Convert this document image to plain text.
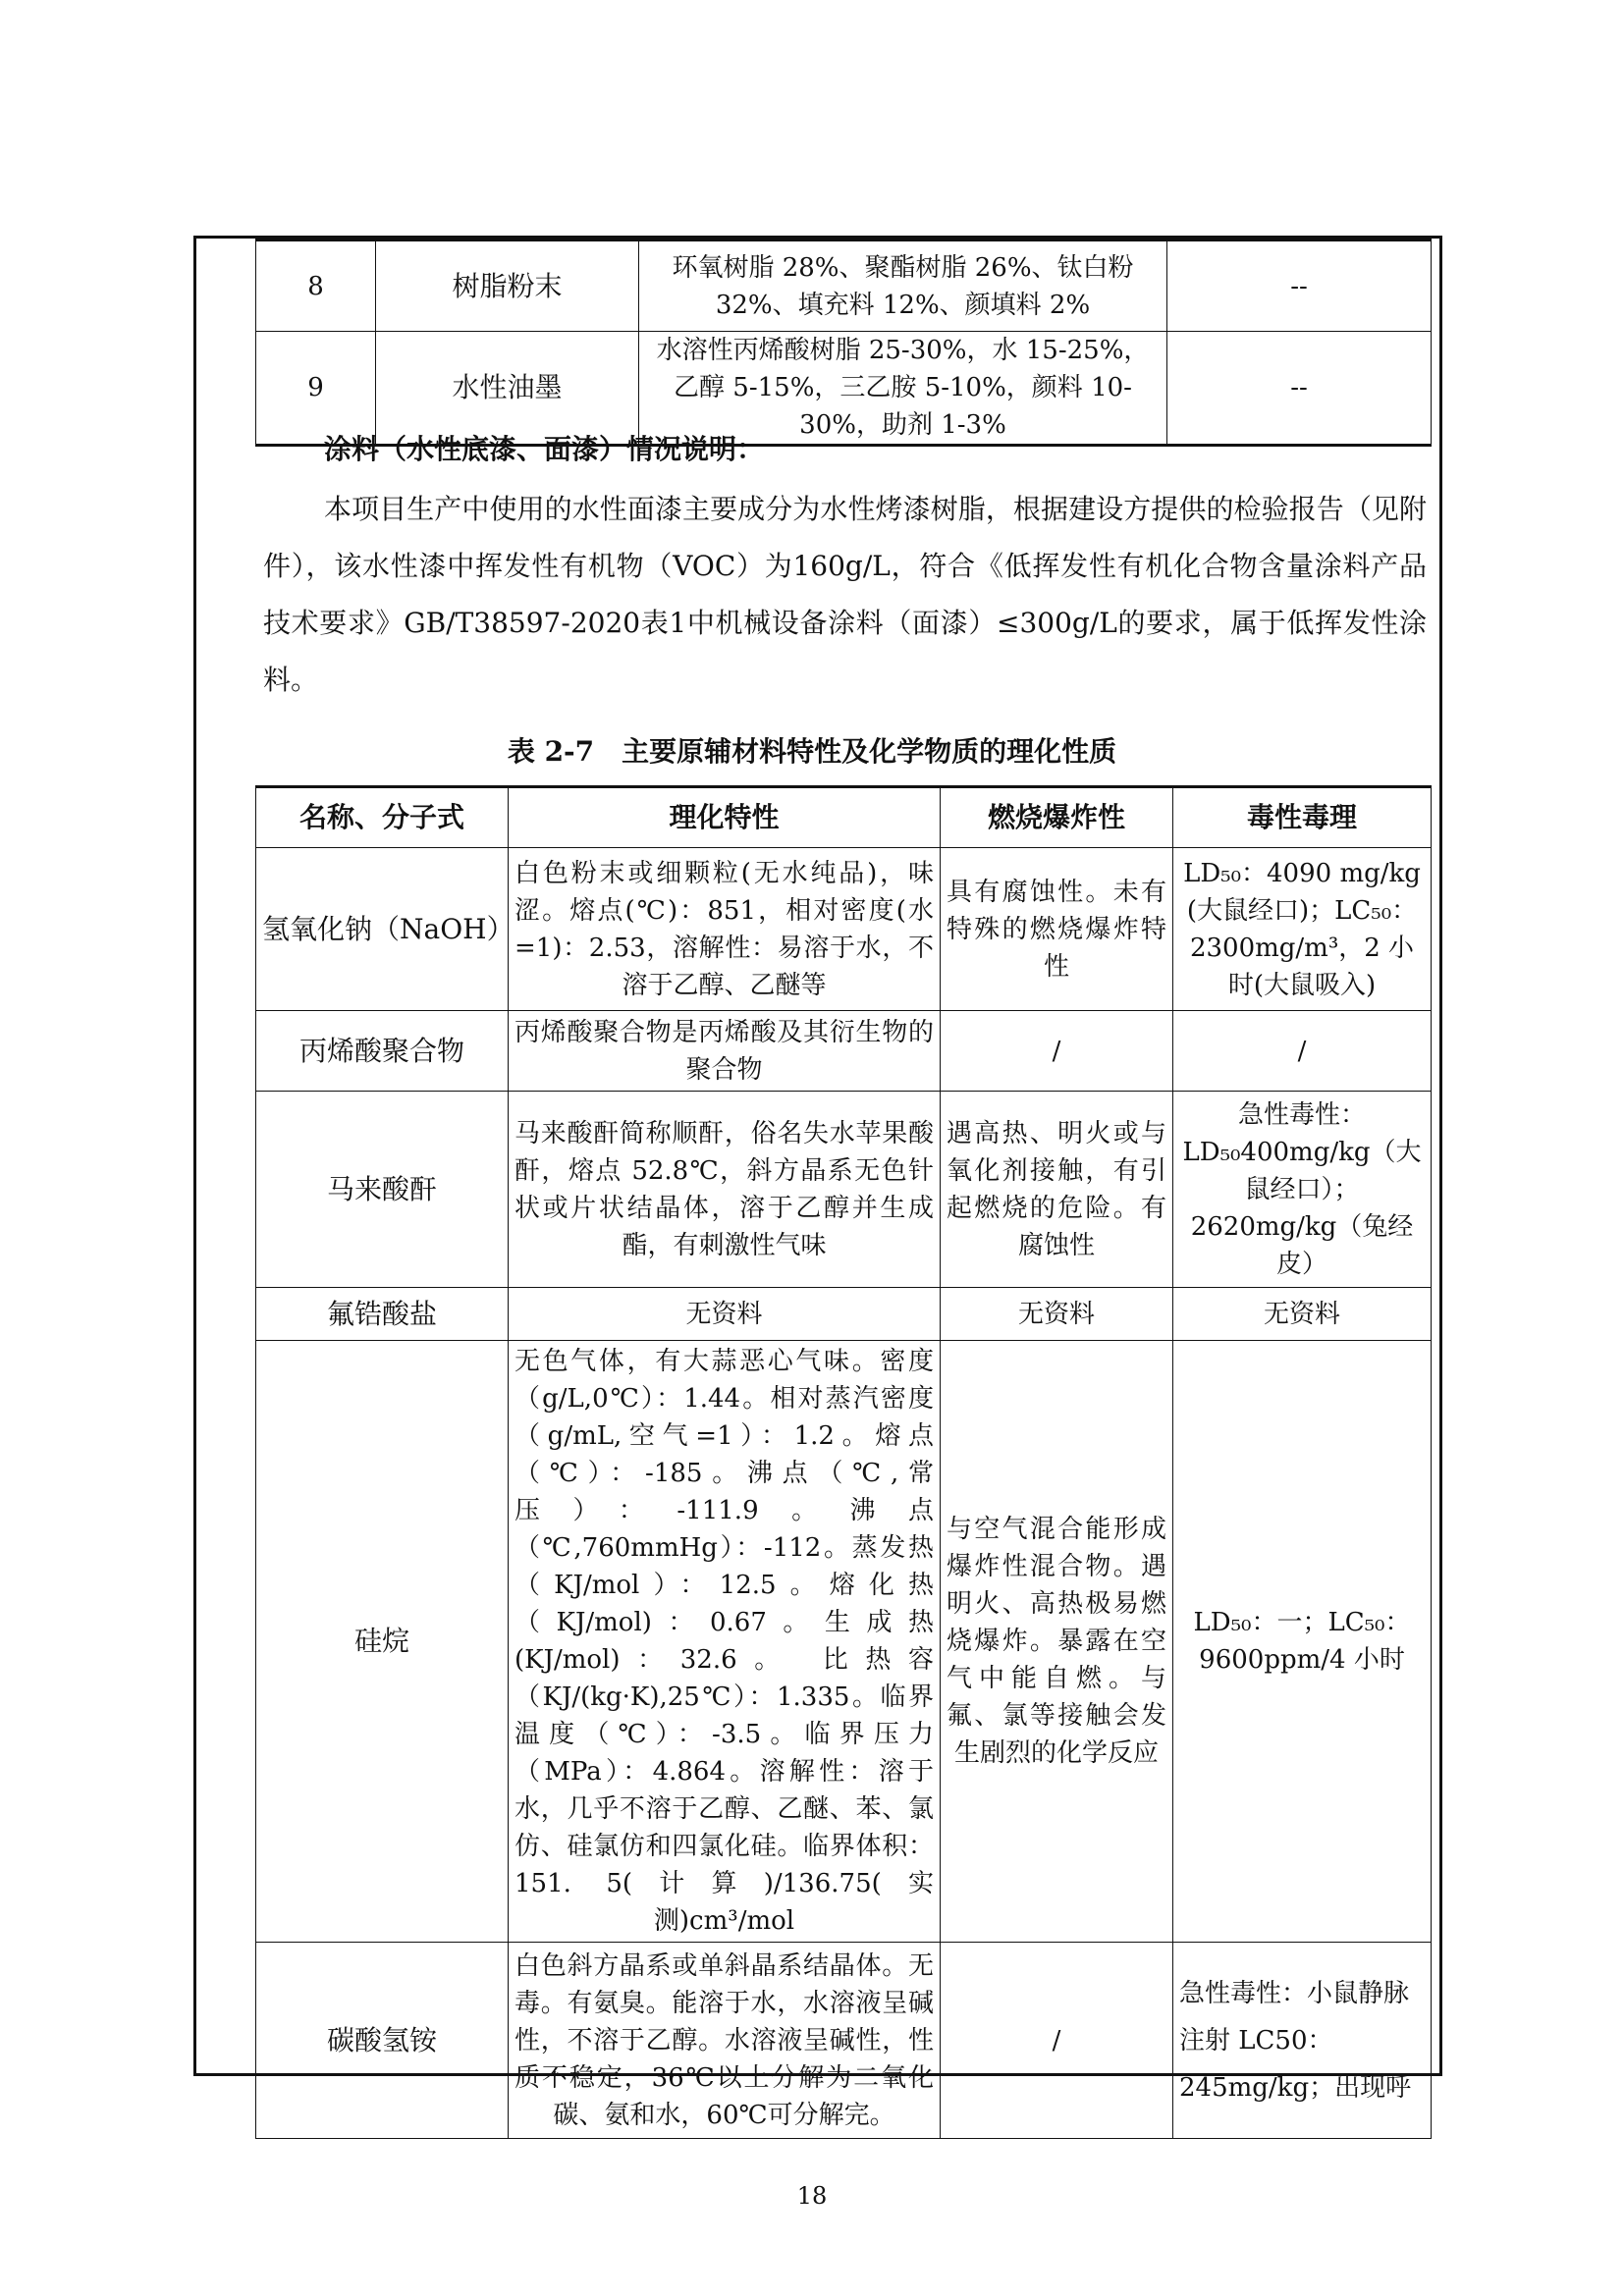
8	树脂粉末	环氧树脂 28%、聚酯树脂 26%、钛白粉 32%、填充料 12%、颜填料 2%	--
9	水性油墨	水溶性丙烯酸树脂 25-30%，水 15-25%，乙醇 5-15%，三乙胺 5-10%，颜料 10-30%，助剂 1-3%	--
涂料（水性底漆、面漆）情况说明：
本项目生产中使用的水性面漆主要成分为水性烤漆树脂，根据建设方提供的检验报告（见附件），该水性漆中挥发性有机物（VOC）为160g/L，符合《低挥发性有机化合物含量涂料产品技术要求》GB/T38597-2020表1中机械设备涂料（面漆）≤300g/L的要求，属于低挥发性涂料。
表 2-7　主要原辅材料特性及化学物质的理化性质
名称、分子式	理化特性	燃烧爆炸性	毒性毒理
氢氧化钠（NaOH）	白色粉末或细颗粒(无水纯品)，味涩。熔点(℃)：851，相对密度(水=1)：2.53，溶解性：易溶于水，不溶于乙醇、乙醚等	具有腐蚀性。未有特殊的燃烧爆炸特性	LD₅₀：4090 mg/kg (大鼠经口)；LC₅₀：2300mg/m³，2 小时(大鼠吸入)
丙烯酸聚合物	丙烯酸聚合物是丙烯酸及其衍生物的聚合物	/	/
马来酸酐	马来酸酐简称顺酐，俗名失水苹果酸酐，熔点 52.8℃，斜方晶系无色针状或片状结晶体，溶于乙醇并生成酯，有刺激性气味	遇高热、明火或与氧化剂接触，有引起燃烧的危险。有腐蚀性	急性毒性：LD₅₀400mg/kg（大鼠经口）；2620mg/kg（兔经皮）
氟锆酸盐	无资料	无资料	无资料
硅烷	无色气体，有大蒜恶心气味。密度（g/L,0℃）：1.44。相对蒸汽密度（g/mL,空气=1）：1.2。熔点（℃）：-185。沸点（℃,常压）：-111.9。沸点（℃,760mmHg）：-112。蒸发热（KJ/mol）：12.5。熔化热（KJ/mol)：0.67。生成热(KJ/mol)：32.6。 比热容（KJ/(kg·K),25℃）：1.335。临界温度（℃）：-3.5。临界压力（MPa）：4.864。溶解性：溶于水，几乎不溶于乙醇、乙醚、苯、氯仿、硅氯仿和四氯化硅。临界体积：151. 5(计算)/136.75(实测)cm³/mol	与空气混合能形成爆炸性混合物。遇明火、高热极易燃烧爆炸。暴露在空气中能自燃。与氟、氯等接触会发生剧烈的化学反应	LD₅₀：一；LC₅₀：9600ppm/4 小时
碳酸氢铵	白色斜方晶系或单斜晶系结晶体。无毒。有氨臭。能溶于水，水溶液呈碱性，不溶于乙醇。水溶液呈碱性，性质不稳定，36℃以上分解为二氧化碳、氨和水，60℃可分解完。	/	急性毒性：小鼠静脉注射 LC50：245mg/kg；出现呼
18
